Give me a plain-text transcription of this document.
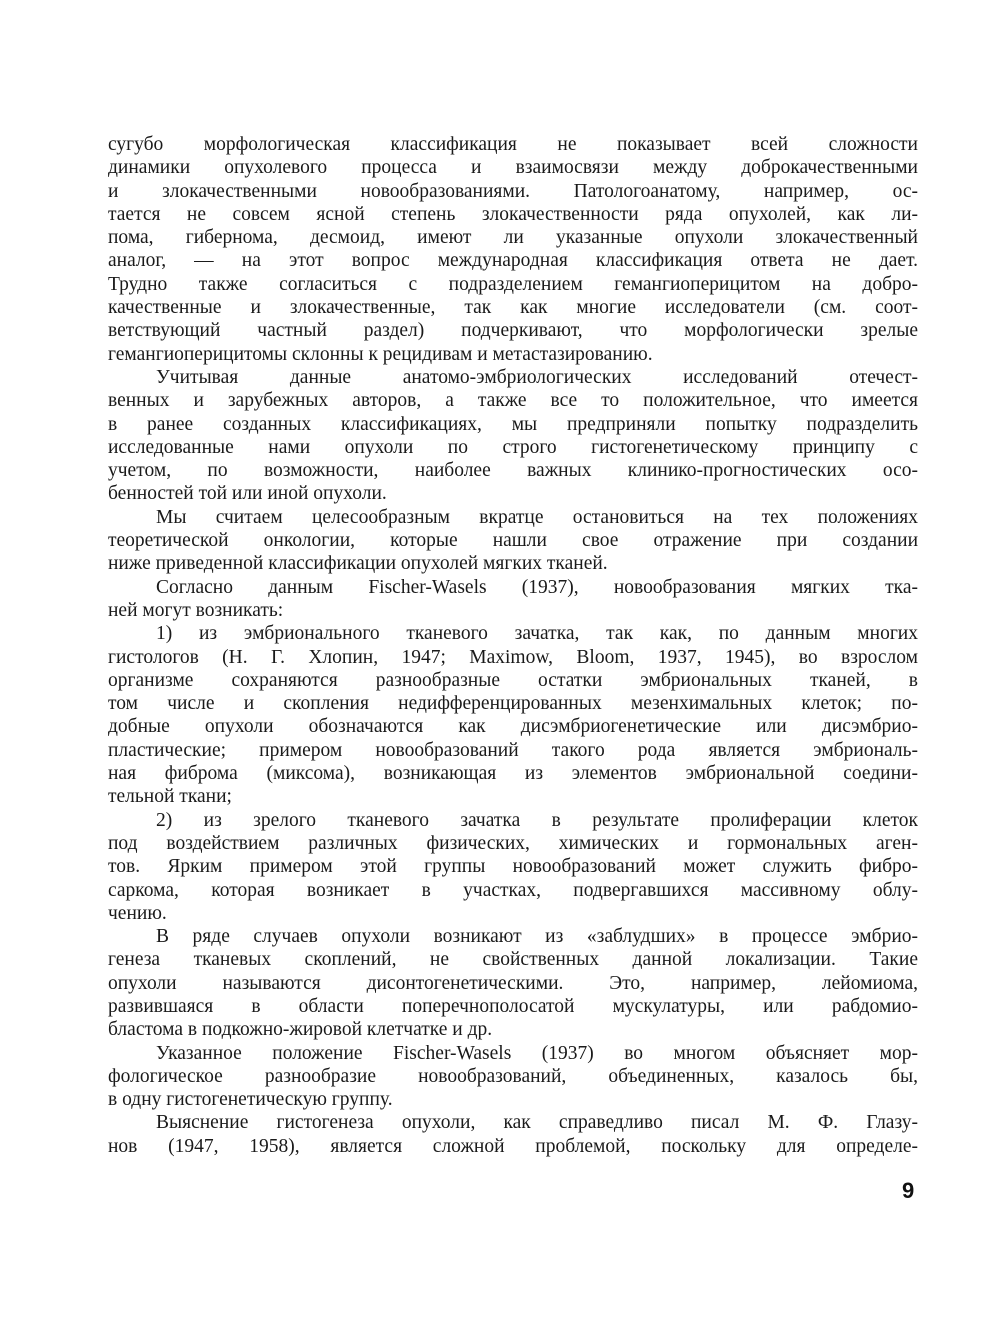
сугубо морфологическая классификация не показывает всей сложности
динамики опухолевого процесса и взаимосвязи между доброкачественными
и злокачественными новообразованиями. Патологоанатому, например, ос-
тается не совсем ясной степень злокачественности ряда опухолей, как ли-
пома, гибернома, десмоид, имеют ли указанные опухоли злокачественный
аналог, — на этот вопрос международная классификация ответа не дает.
Трудно также согласиться с подразделением гемангиоперицитом на добро-
качественные и злокачественные, так как многие исследователи (см. соот-
ветствующий частный раздел) подчеркивают, что морфологически зрелые
гемангиоперицитомы склонны к рецидивам и метастазированию.
Учитывая данные анатомо-эмбриологических исследований отечест-
венных и зарубежных авторов, а также все то положительное, что имеется
в ранее созданных классификациях, мы предприняли попытку подразделить
исследованные нами опухоли по строго гистогенетическому принципу с
учетом, по возможности, наиболее важных клинико-прогностических осо-
бенностей той или иной опухоли.
Мы считаем целесообразным вкратце остановиться на тех положениях
теоретической онкологии, которые нашли свое отражение при создании
ниже приведенной классификации опухолей мягких тканей.
Согласно данным Fischer-Wasels (1937), новообразования мягких тка-
ней могут возникать:
1) из эмбрионального тканевого зачатка, так как, по данным многих
гистологов (Н. Г. Хлопин, 1947; Maximow, Bloom, 1937, 1945), во взрослом
организме сохраняются разнообразные остатки эмбриональных тканей, в
том числе и скопления недифференцированных мезенхимальных клеток; по-
добные опухоли обозначаются как дисэмбриогенетические или дисэмбрио-
пластические; примером новообразований такого рода является эмбриональ-
ная фиброма (миксома), возникающая из элементов эмбриональной соедини-
тельной ткани;
2) из зрелого тканевого зачатка в результате пролиферации клеток
под воздействием различных физических, химических и гормональных аген-
тов. Ярким примером этой группы новообразований может служить фибро-
саркома, которая возникает в участках, подвергавшихся массивному облу-
чению.
В ряде случаев опухоли возникают из «заблудших» в процессе эмбрио-
генеза тканевых скоплений, не свойственных данной локализации. Такие
опухоли называются дисонтогенетическими. Это, например, лейомиома,
развившаяся в области поперечнополосатой мускулатуры, или рабдомио-
бластома в подкожно-жировой клетчатке и др.
Указанное положение Fischer-Wasels (1937) во многом объясняет мор-
фологическое разнообразие новообразований, объединенных, казалось бы,
в одну гистогенетическую группу.
Выяснение гистогенеза опухоли, как справедливо писал М. Ф. Глазу-
нов (1947, 1958), является сложной проблемой, поскольку для определе-
9
